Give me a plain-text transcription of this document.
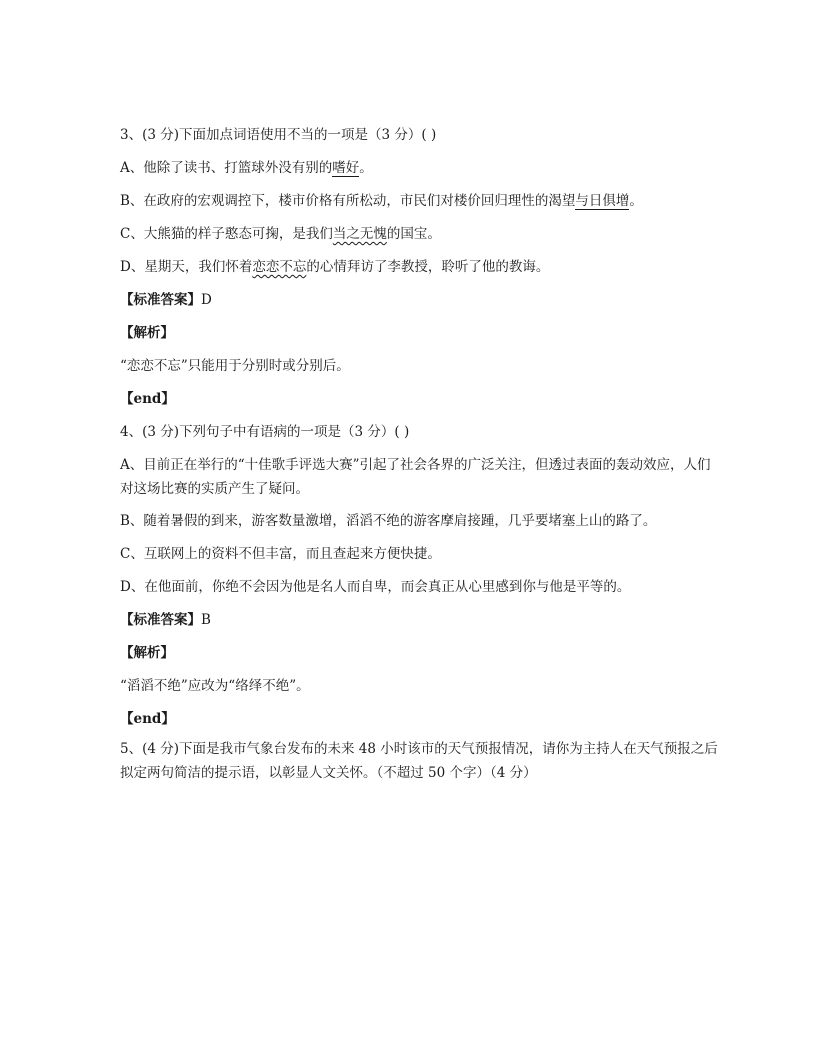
3、(3 分)下面加点词语使用不当的一项是（3 分）( )
A、他除了读书、打篮球外没有别的嗜好。
B、在政府的宏观调控下，楼市价格有所松动，市民们对楼价回归理性的渴望与日俱增。
C、大熊猫的样子憨态可掬，是我们当之无愧的国宝。
D、星期天，我们怀着恋恋不忘的心情拜访了李教授，聆听了他的教诲。
【标准答案】D
【解析】
“恋恋不忘”只能用于分别时或分别后。
【end】
4、(3 分)下列句子中有语病的一项是（3 分）( )
A、目前正在举行的“十佳歌手评选大赛”引起了社会各界的广泛关注，但透过表面的轰动效应，人们对这场比赛的实质产生了疑问。
B、随着暑假的到来，游客数量激增，滔滔不绝的游客摩肩接踵，几乎要堵塞上山的路了。
C、互联网上的资料不但丰富，而且查起来方便快捷。
D、在他面前，你绝不会因为他是名人而自卑，而会真正从心里感到你与他是平等的。
【标准答案】B
【解析】
“滔滔不绝”应改为“络绎不绝”。
【end】
5、(4 分)下面是我市气象台发布的未来 48 小时该市的天气预报情况，请你为主持人在天气预报之后拟定两句简洁的提示语，以彰显人文关怀。（不超过 50 个字）（4 分）
